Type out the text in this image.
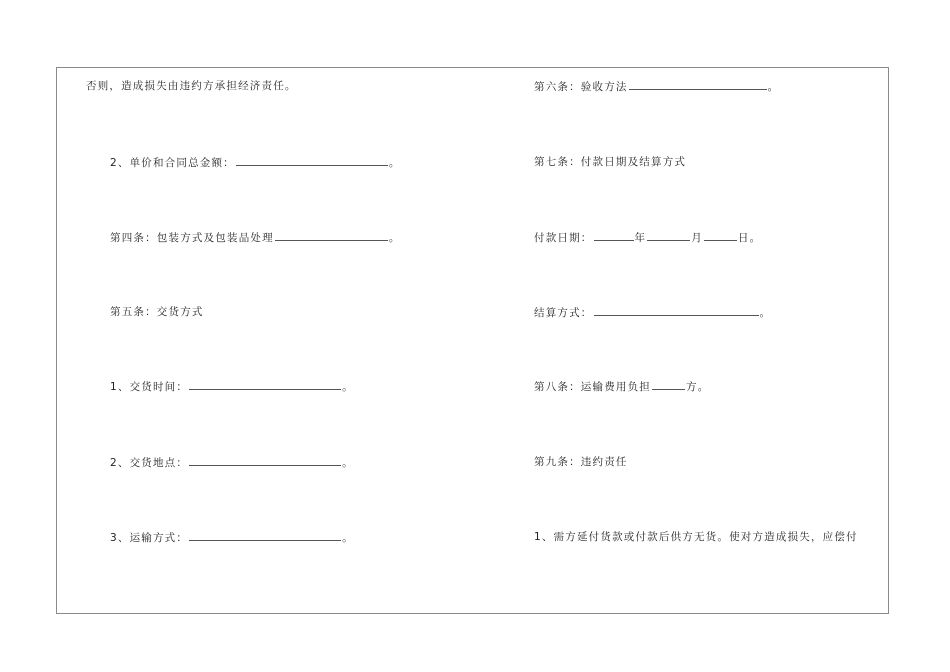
否则，造成损失由违约方承担经济责任。
2、单价和合同总金额：	。
第四条：包装方式及包装品处理	。
第五条：交货方式
1、交货时间：	。
2、交货地点：	。
3、运输方式：	。
第六条：验收方法	。
第七条：付款日期及结算方式
付款日期：	年	月	日。
结算方式：	。
第八条：运输费用负担	方。
第九条：违约责任
1、需方延付货款或付款后供方无货。使对方造成损失，应偿付
